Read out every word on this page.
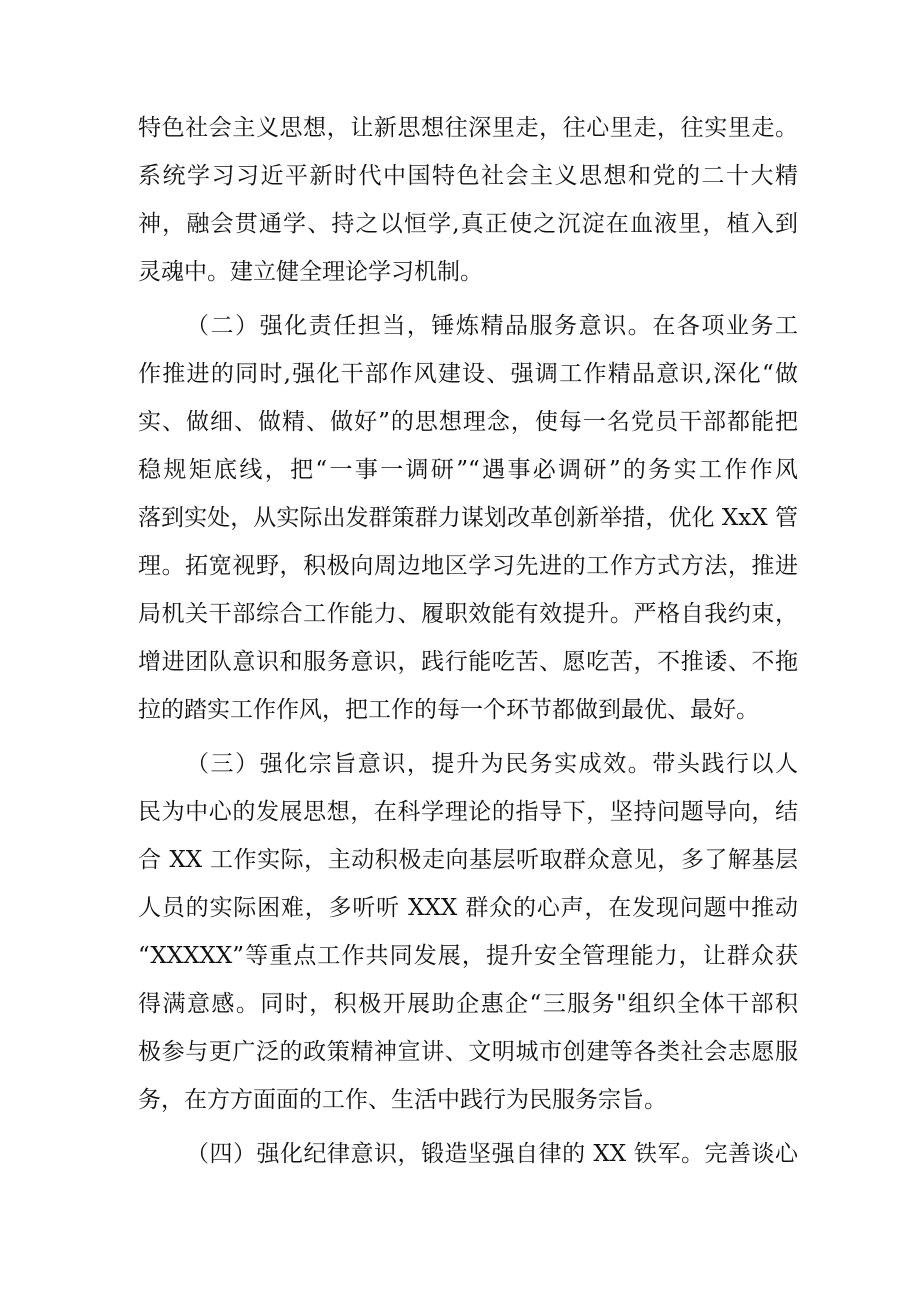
特色社会主义思想，让新思想往深里走，往心里走，往实里走。
系统学习习近平新时代中国特色社会主义思想和党的二十大精
神，融会贯通学、持之以恒学,真正使之沉淀在血液里，植入到
灵魂中。建立健全理论学习机制。
（二）强化责任担当，锤炼精品服务意识。在各项业务工
作推进的同时,强化干部作风建设、强调工作精品意识,深化“做
实、做细、做精、做好”的思想理念，使每一名党员干部都能把
稳规矩底线，把“一事一调研”“遇事必调研”的务实工作作风
落到实处，从实际出发群策群力谋划改革创新举措，优化 XxX 管
理。拓宽视野，积极向周边地区学习先进的工作方式方法，推进
局机关干部综合工作能力、履职效能有效提升。严格自我约束，
增进团队意识和服务意识，践行能吃苦、愿吃苦，不推诿、不拖
拉的踏实工作作风，把工作的每一个环节都做到最优、最好。
（三）强化宗旨意识，提升为民务实成效。带头践行以人
民为中心的发展思想，在科学理论的指导下，坚持问题导向，结
合 XX 工作实际，主动积极走向基层听取群众意见，多了解基层
人员的实际困难，多听听 XXX 群众的心声，在发现问题中推动
“XXXXX”等重点工作共同发展，提升安全管理能力，让群众获
得满意感。同时，积极开展助企惠企“三服务"组织全体干部积
极参与更广泛的政策精神宣讲、文明城市创建等各类社会志愿服
务，在方方面面的工作、生活中践行为民服务宗旨。
（四）强化纪律意识，锻造坚强自律的 XX 铁军。完善谈心
